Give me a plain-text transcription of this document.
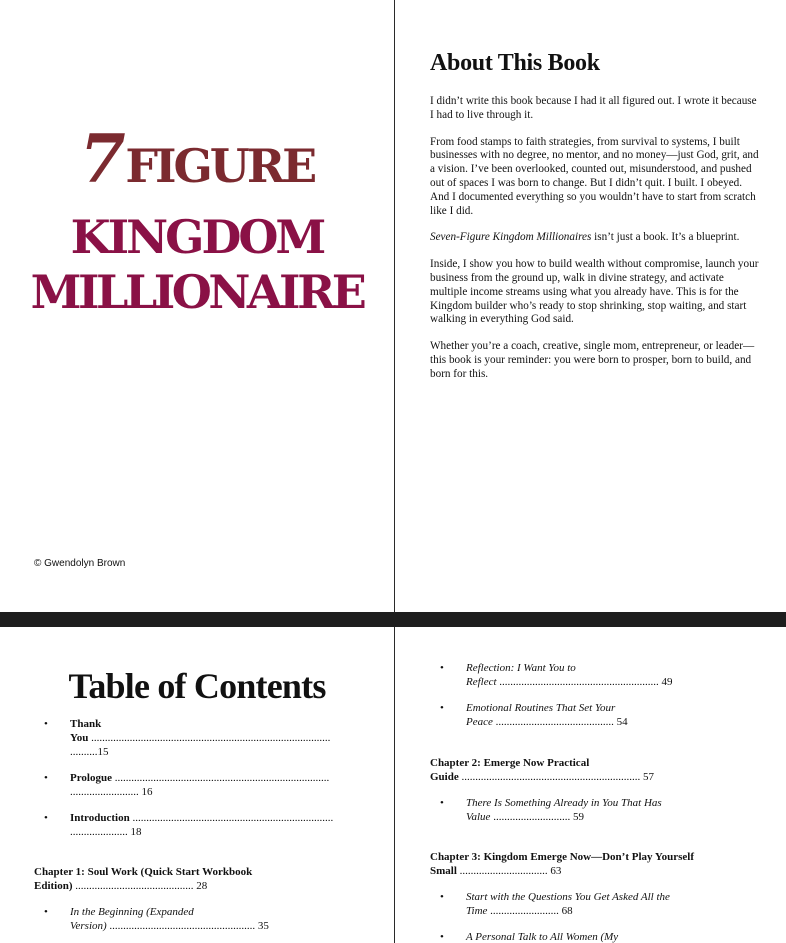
7 FIGURE
KINGDOM
MILLIONAIRE
© Gwendolyn Brown
About This Book

I didn’t write this book because I had it all figured out. I wrote it because I had to live through it.

From food stamps to faith strategies, from survival to systems, I built businesses with no degree, no mentor, and no money—just God, grit, and a vision. I’ve been overlooked, counted out, misunderstood, and pushed out of spaces I was born to change. But I didn’t quit. I built. I obeyed. And I documented everything so you wouldn’t have to start from scratch like I did.

Seven-Figure Kingdom Millionaires isn’t just a book. It’s a blueprint.

Inside, I show you how to build wealth without compromise, launch your business from the ground up, walk in divine strategy, and activate multiple income streams using what you already have. This is for the Kingdom builder who’s ready to stop shrinking, stop waiting, and start walking in everything God said.

Whether you’re a coach, creative, single mom, entrepreneur, or leader—this book is your reminder: you were born to prosper, born to build, and born for this.

Table of Contents
• Thank
You .......................................................................................
..........15
• Prologue ..............................................................................
......................... 16
• Introduction .........................................................................
..................... 18
Chapter 1: Soul Work (Quick Start Workbook
Edition) ........................................... 28
• In the Beginning (Expanded
Version) ..................................................... 35
• Reflection: I Want You to
Reflect .......................................................... 49
• Emotional Routines That Set Your
Peace ........................................... 54
Chapter 2: Emerge Now Practical
Guide ................................................................. 57
• There Is Something Already in You That Has
Value ............................ 59
Chapter 3: Kingdom Emerge Now—Don’t Play Yourself
Small ................................ 63
• Start with the Questions You Get Asked All the
Time ......................... 68
• A Personal Talk to All Women (My
